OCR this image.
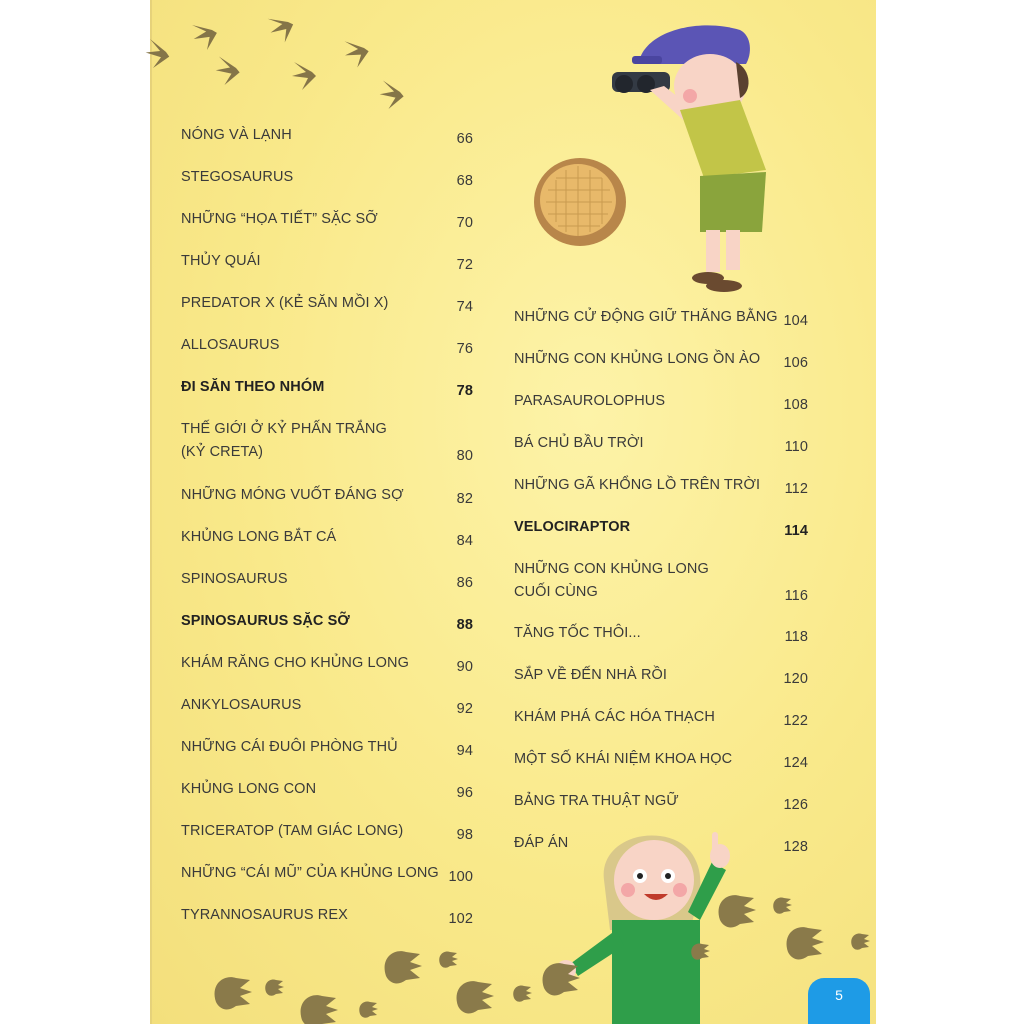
NÓNG VÀ LẠNH	66
STEGOSAURUS	68
NHỮNG “HỌA TIẾT” SẶC SỠ	70
THỦY QUÁI	72
PREDATOR X (KẺ SĂN MỒI X)	74
ALLOSAURUS	76
ĐI SĂN THEO NHÓM	78
THẾ GIỚI Ở KỶ PHẤN TRẮNG
(KỶ CRETA)	80
NHỮNG MÓNG VUỐT ĐÁNG SỢ	82
KHỦNG LONG BẮT CÁ	84
SPINOSAURUS	86
SPINOSAURUS SẶC SỠ	88
KHÁM RĂNG CHO KHỦNG LONG	90
ANKYLOSAURUS	92
NHỮNG CÁI ĐUÔI PHÒNG THỦ	94
KHỦNG LONG CON	96
TRICERATOP (TAM GIÁC LONG)	98
NHỮNG “CÁI MŨ” CỦA KHỦNG LONG 100
TYRANNOSAURUS REX	102
NHỮNG CỬ ĐỘNG GIỮ THĂNG BẰNG 104
NHỮNG CON KHỦNG LONG ỒN ÀO 106
PARASAUROLOPHUS	108
BÁ CHỦ BẦU TRỜI	110
NHỮNG GÃ KHỔNG LỒ TRÊN TRỜI 112
VELOCIRAPTOR	114
NHỮNG CON KHỦNG LONG
CUỐI CÙNG	116
TĂNG TỐC THÔI...	118
SẮP VỀ ĐẾN NHÀ RỒI	120
KHÁM PHÁ CÁC HÓA THẠCH	122
MỘT SỐ KHÁI NIỆM KHOA HỌC	124
BẢNG TRA THUẬT NGỮ	126
ĐÁP ÁN	128
5
